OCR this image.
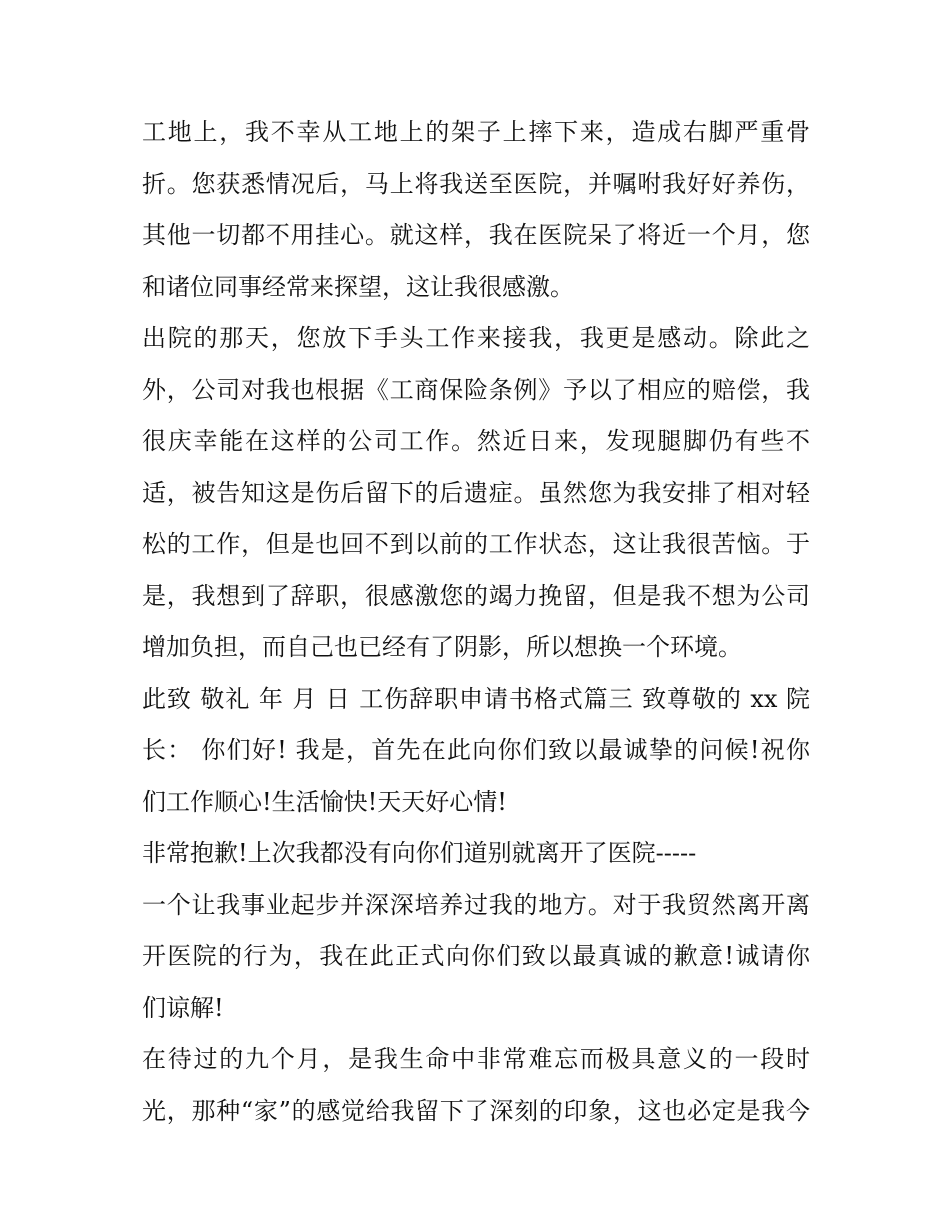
工地上，我不幸从工地上的架子上摔下来，造成右脚严重骨
折。您获悉情况后，马上将我送至医院，并嘱咐我好好养伤，
其他一切都不用挂心。就这样，我在医院呆了将近一个月，您
和诸位同事经常来探望，这让我很感激。

出院的那天，您放下手头工作来接我，我更是感动。除此之
外，公司对我也根据《工商保险条例》予以了相应的赔偿，我
很庆幸能在这样的公司工作。然近日来，发现腿脚仍有些不
适，被告知这是伤后留下的后遗症。虽然您为我安排了相对轻
松的工作，但是也回不到以前的工作状态，这让我很苦恼。于
是，我想到了辞职，很感激您的竭力挽留，但是我不想为公司
增加负担，而自己也已经有了阴影，所以想换一个环境。

此致 敬礼 年 月 日 工伤辞职申请书格式篇三 致尊敬的 xx 院
长： 你们好! 我是，首先在此向你们致以最诚挚的问候!祝你
们工作顺心!生活愉快!天天好心情!

非常抱歉!上次我都没有向你们道别就离开了医院-----

一个让我事业起步并深深培养过我的地方。对于我贸然离开离
开医院的行为，我在此正式向你们致以最真诚的歉意!诚请你
们谅解!

在待过的九个月，是我生命中非常难忘而极具意义的一段时
光，那种“家”的感觉给我留下了深刻的印象，这也必定是我今
